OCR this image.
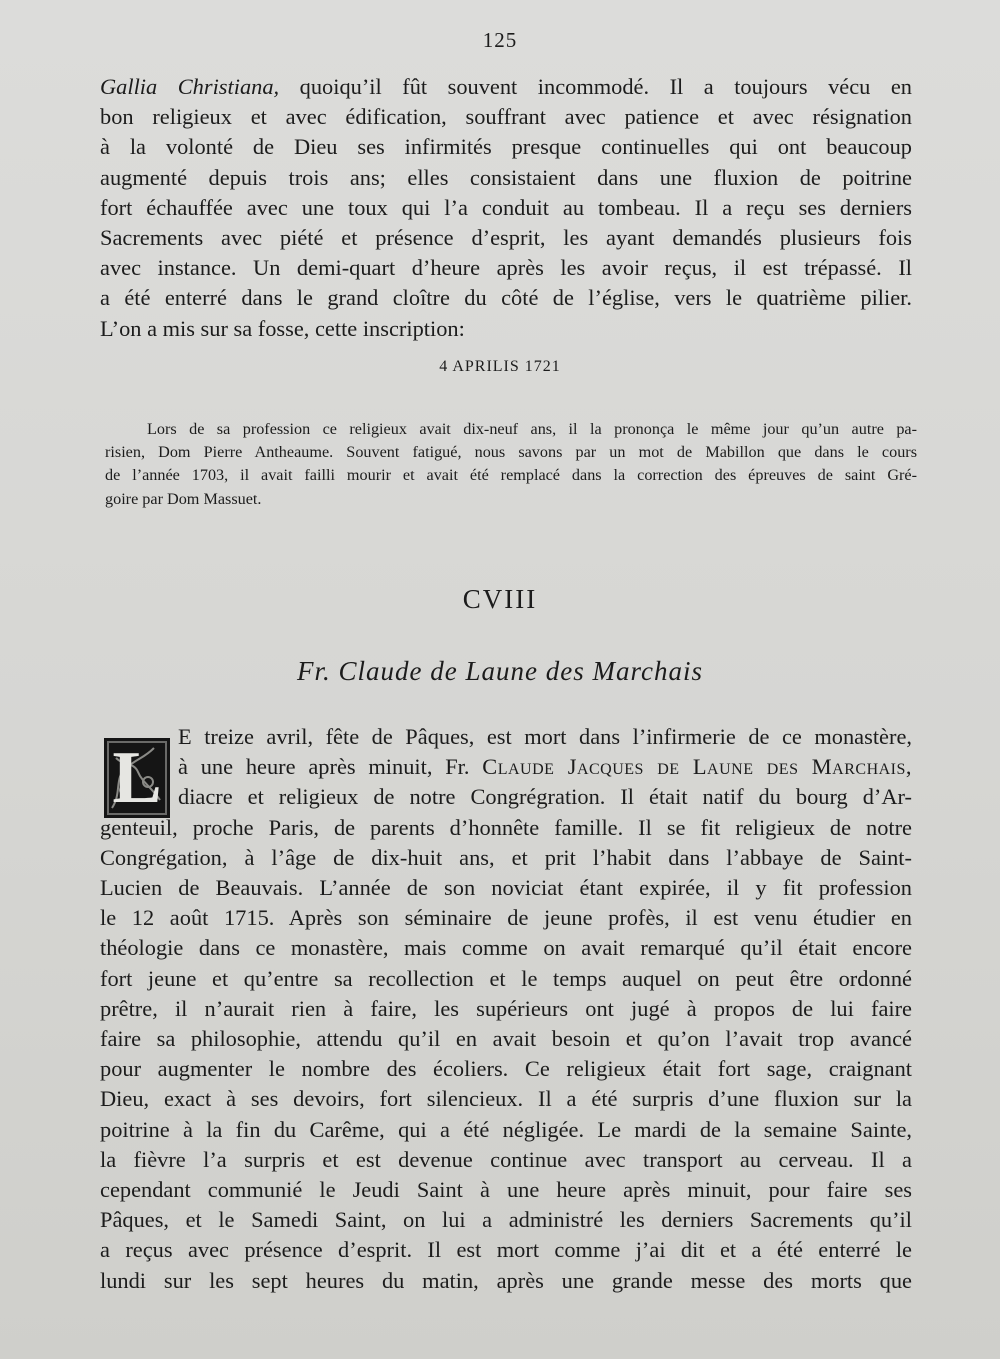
125
Gallia Christiana, quoiqu’il fût souvent incommodé. Il a toujours vécu en
bon religieux et avec édification, souffrant avec patience et avec résignation
à la volonté de Dieu ses infirmités presque continuelles qui ont beaucoup
augmenté depuis trois ans; elles consistaient dans une fluxion de poitrine
fort échauffée avec une toux qui l’a conduit au tombeau. Il a reçu ses derniers
Sacrements avec piété et présence d’esprit, les ayant demandés plusieurs fois
avec instance. Un demi-quart d’heure après les avoir reçus, il est trépassé. Il
a été enterré dans le grand cloître du côté de l’église, vers le quatrième pilier.
L’on a mis sur sa fosse, cette inscription:
4 APRILIS 1721
Lors de sa profession ce religieux avait dix-neuf ans, il la prononça le même jour qu’un autre pa-
risien, Dom Pierre Antheaume. Souvent fatigué, nous savons par un mot de Mabillon que dans le cours
de l’année 1703, il avait failli mourir et avait été remplacé dans la correction des épreuves de saint Gré-
goire par Dom Massuet.
CVIII
Fr. Claude de Laune des Marchais
L
E treize avril, fête de Pâques, est mort dans l’infirmerie de ce monastère,
à une heure après minuit, Fr. Claude Jacques de Laune des Marchais,
diacre et religieux de notre Congrégration. Il était natif du bourg d’Ar-
genteuil, proche Paris, de parents d’honnête famille. Il se fit religieux de notre
Congrégation, à l’âge de dix-huit ans, et prit l’habit dans l’abbaye de Saint-
Lucien de Beauvais. L’année de son noviciat étant expirée, il y fit profession
le 12 août 1715. Après son séminaire de jeune profès, il est venu étudier en
théologie dans ce monastère, mais comme on avait remarqué qu’il était encore
fort jeune et qu’entre sa recollection et le temps auquel on peut être ordonné
prêtre, il n’aurait rien à faire, les supérieurs ont jugé à propos de lui faire
faire sa philosophie, attendu qu’il en avait besoin et qu’on l’avait trop avancé
pour augmenter le nombre des écoliers. Ce religieux était fort sage, craignant
Dieu, exact à ses devoirs, fort silencieux. Il a été surpris d’une fluxion sur la
poitrine à la fin du Carême, qui a été négligée. Le mardi de la semaine Sainte,
la fièvre l’a surpris et est devenue continue avec transport au cerveau. Il a
cependant communié le Jeudi Saint à une heure après minuit, pour faire ses
Pâques, et le Samedi Saint, on lui a administré les derniers Sacrements qu’il
a reçus avec présence d’esprit. Il est mort comme j’ai dit et a été enterré le
lundi sur les sept heures du matin, après une grande messe des morts que
